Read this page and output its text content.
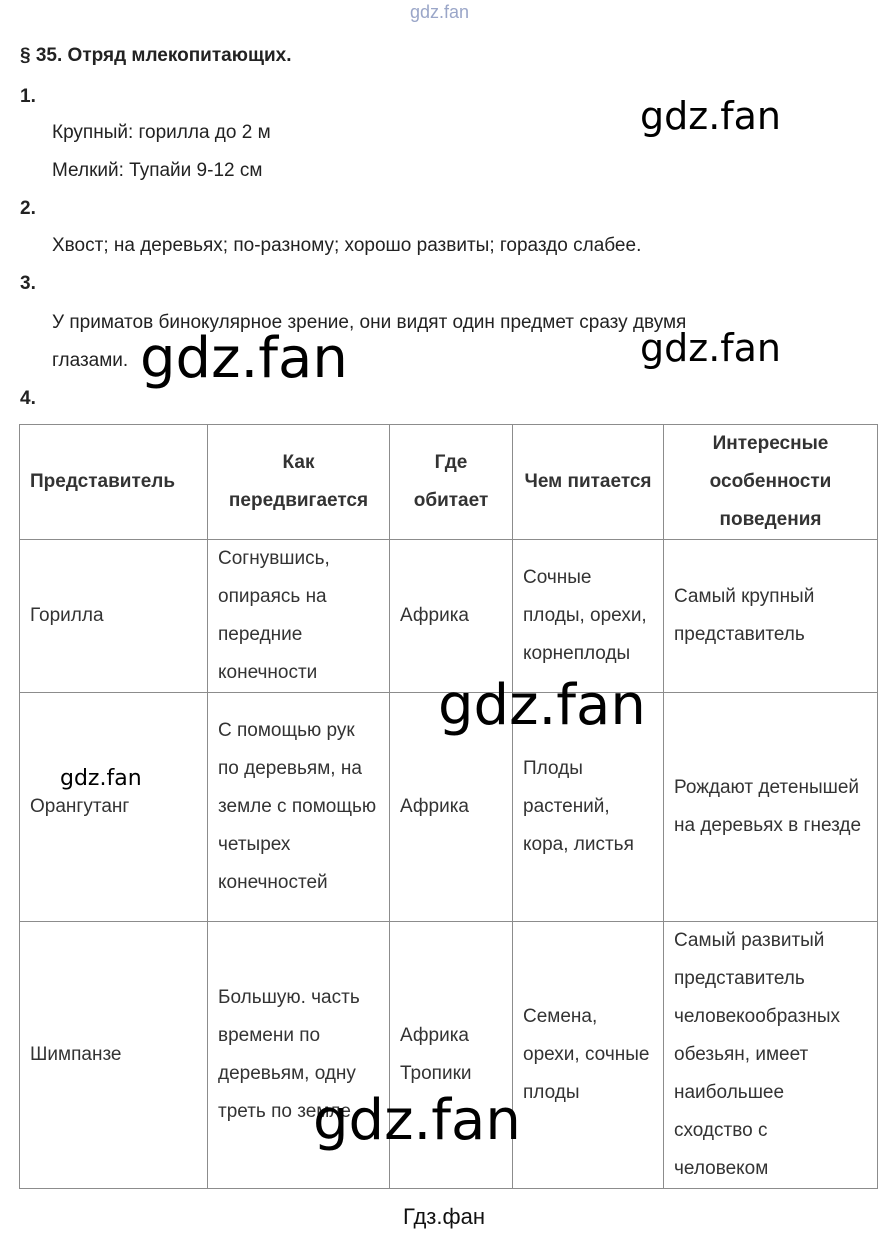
gdz.fan
§ 35. Отряд млекопитающих.
1.
Крупный: горилла до 2 м
Мелкий: Тупайи 9-12 см
2.
Хвост; на деревьях; по-разному; хорошо развиты; гораздо слабее.
3.
У приматов бинокулярное зрение, они видят один предмет сразу двумя
глазами.
4.
Представитель	Как передвигается	Где обитает	Чем питается	Интересные особенности поведения
Горилла	Согнувшись, опираясь на передние конечности	Африка	Сочные плоды, орехи, корнеплоды	Самый крупный представитель
Орангутанг	С помощью рук по деревьям, на земле с помощью четырех конечностей	Африка	Плоды растений, кора, листья	Рождают детенышей на деревьях в гнезде
Шимпанзе	Большую. часть времени по деревьям, одну треть по земле	Африка Тропики	Семена, орехи, сочные плоды	Самый развитый представитель человекообразных обезьян, имеет наибольшее сходство с человеком
gdz.fan
gdz.fan	gdz.fan
gdz.fan
gdz.fan
gdz.fan
Гдз.фан
